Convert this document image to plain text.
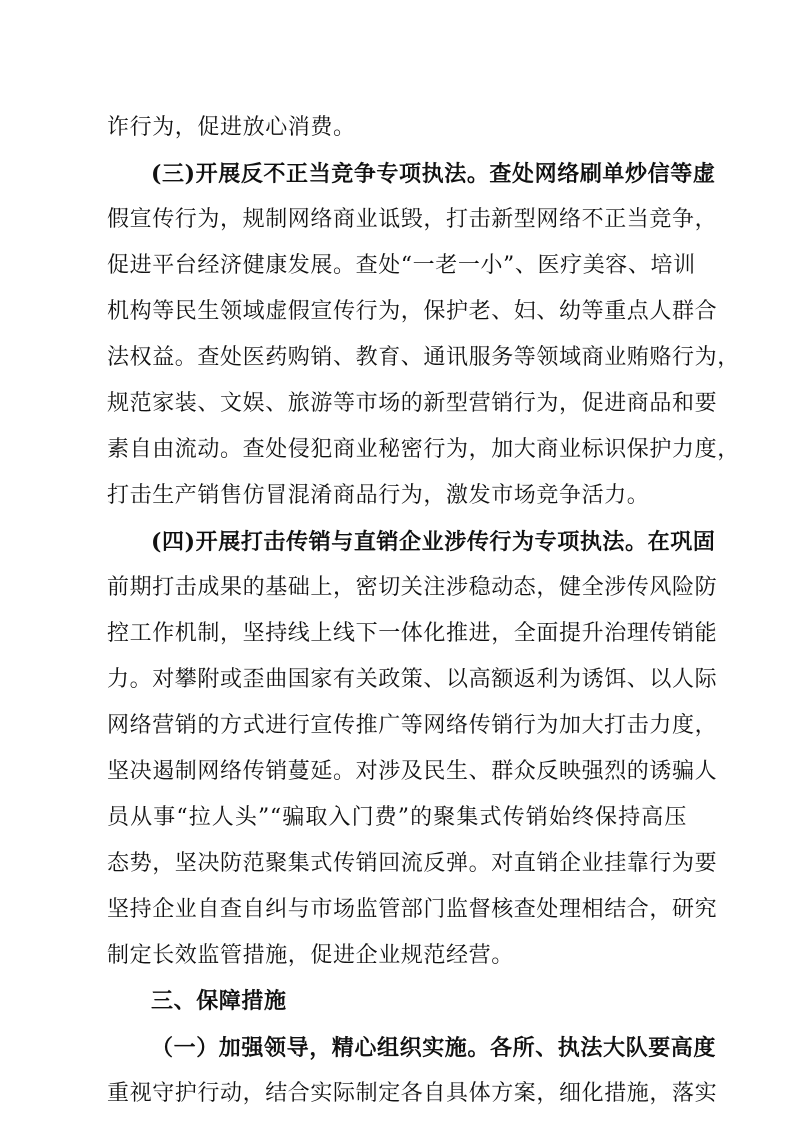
诈行为，促进放心消费。
(三)开展反不正当竞争专项执法。查处网络刷单炒信等虚
假宣传行为，规制网络商业诋毁，打击新型网络不正当竞争，
促进平台经济健康发展。查处“一老一小”、医疗美容、培训
机构等民生领域虚假宣传行为，保护老、妇、幼等重点人群合
法权益。查处医药购销、教育、通讯服务等领域商业贿赂行为，
规范家装、文娱、旅游等市场的新型营销行为，促进商品和要
素自由流动。查处侵犯商业秘密行为，加大商业标识保护力度，
打击生产销售仿冒混淆商品行为，激发市场竞争活力。
(四)开展打击传销与直销企业涉传行为专项执法。在巩固
前期打击成果的基础上，密切关注涉稳动态，健全涉传风险防
控工作机制，坚持线上线下一体化推进，全面提升治理传销能
力。对攀附或歪曲国家有关政策、以高额返利为诱饵、以人际
网络营销的方式进行宣传推广等网络传销行为加大打击力度，
坚决遏制网络传销蔓延。对涉及民生、群众反映强烈的诱骗人
员从事“拉人头”“骗取入门费”的聚集式传销始终保持高压
态势，坚决防范聚集式传销回流反弹。对直销企业挂靠行为要
坚持企业自查自纠与市场监管部门监督核查处理相结合，研究
制定长效监管措施，促进企业规范经营。
三、保障措施
（一）加强领导，精心组织实施。各所、执法大队要高度
重视守护行动，结合实际制定各自具体方案，细化措施，落实
